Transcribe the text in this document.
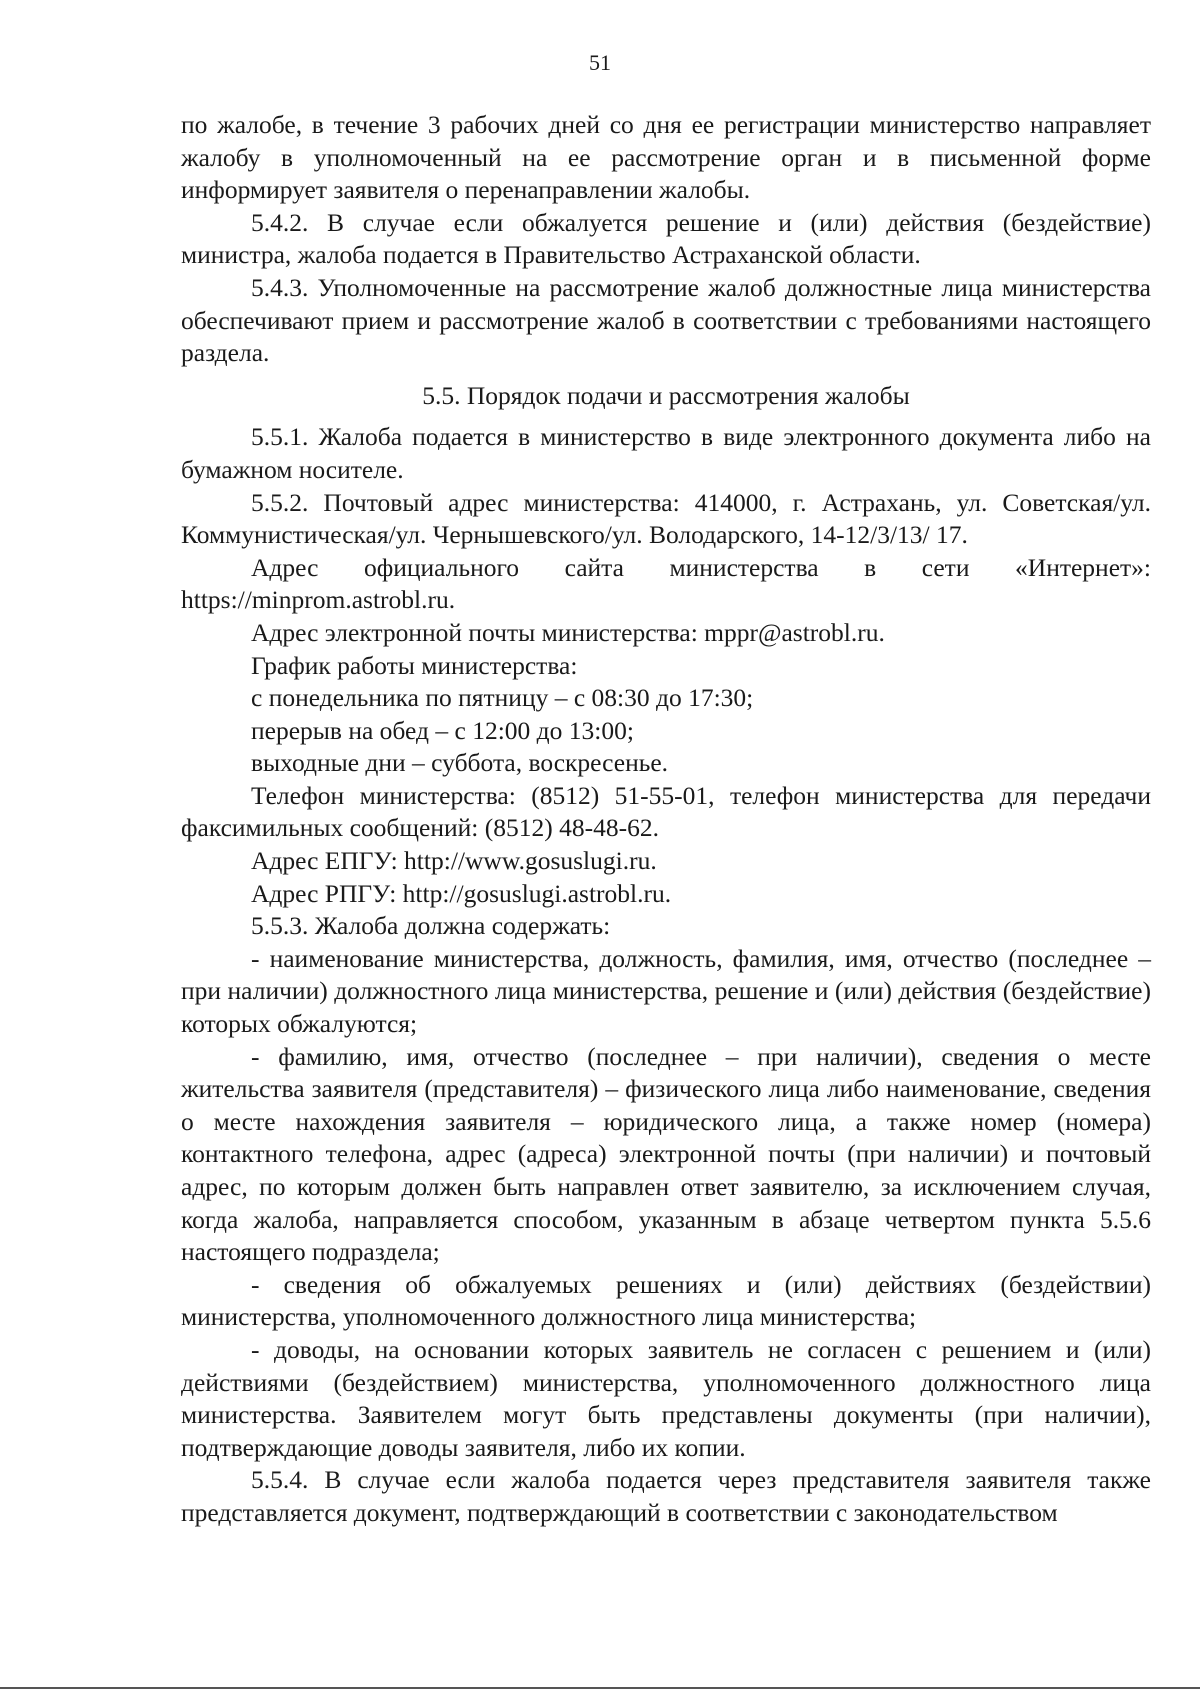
51

по жалобе, в течение 3 рабочих дней со дня ее регистрации министерство направляет жалобу в уполномоченный на ее рассмотрение орган и в письменной форме информирует заявителя о перенаправлении жалобы.

5.4.2. В случае если обжалуется решение и (или) действия (бездействие) министра, жалоба подается в Правительство Астраханской области.

5.4.3. Уполномоченные на рассмотрение жалоб должностные лица министерства обеспечивают прием и рассмотрение жалоб в соответствии с требованиями настоящего раздела.

5.5. Порядок подачи и рассмотрения жалобы

5.5.1. Жалоба подается в министерство в виде электронного документа либо на бумажном носителе.

5.5.2. Почтовый адрес министерства: 414000, г. Астрахань, ул. Советская/ул. Коммунистическая/ул. Чернышевского/ул. Володарского, 14-12/3/13/ 17.

Адрес официального сайта министерства в сети «Интернет»: https://minprom.astrobl.ru.

Адрес электронной почты министерства: mppr@astrobl.ru.

График работы министерства:

с понедельника по пятницу – с 08:30 до 17:30;

перерыв на обед – с 12:00 до 13:00;

выходные дни – суббота, воскресенье.

Телефон министерства: (8512) 51-55-01, телефон министерства для передачи факсимильных сообщений: (8512) 48-48-62.

Адрес ЕПГУ: http://www.gosuslugi.ru.

Адрес РПГУ: http://gosuslugi.astrobl.ru.

5.5.3. Жалоба должна содержать:

- наименование министерства, должность, фамилия, имя, отчество (последнее – при наличии) должностного лица министерства, решение и (или) действия (бездействие) которых обжалуются;

- фамилию, имя, отчество (последнее – при наличии), сведения о месте жительства заявителя (представителя) – физического лица либо наименование, сведения о месте нахождения заявителя – юридического лица, а также номер (номера) контактного телефона, адрес (адреса) электронной почты (при наличии) и почтовый адрес, по которым должен быть направлен ответ заявителю, за исключением случая, когда жалоба, направляется способом, указанным в абзаце четвертом пункта 5.5.6 настоящего подраздела;

- сведения об обжалуемых решениях и (или) действиях (бездействии) министерства, уполномоченного должностного лица министерства;

- доводы, на основании которых заявитель не согласен с решением и (или) действиями (бездействием) министерства, уполномоченного должностного лица министерства. Заявителем могут быть представлены документы (при наличии), подтверждающие доводы заявителя, либо их копии.

5.5.4. В случае если жалоба подается через представителя заявителя также представляется документ, подтверждающий в соответствии с законодательством
